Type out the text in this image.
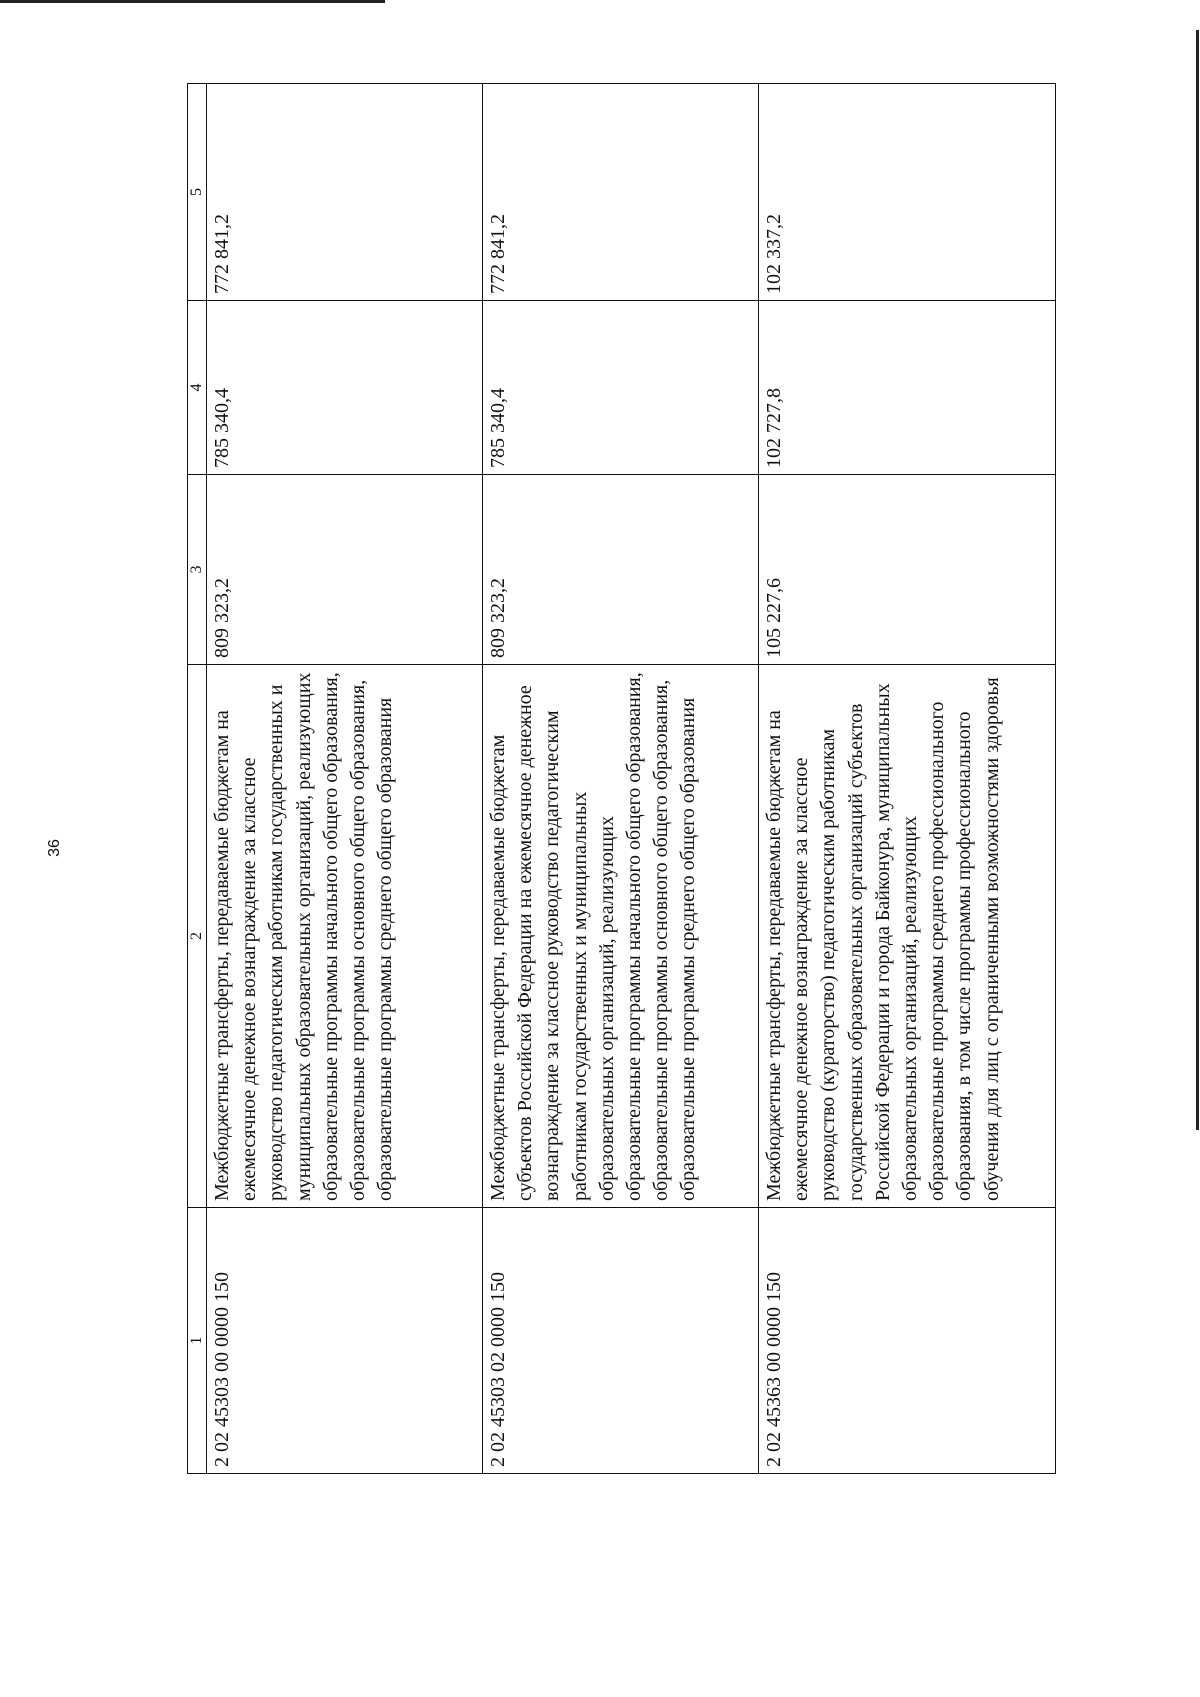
36
1	2	3	4	5
2 02 45303 00 0000 150	Межбюджетные трансферты, передаваемые бюджетам на ежемесячное денежное вознаграждение за классное руководство педагогическим работникам государственных и муниципальных образовательных организаций, реализующих образовательные программы начального общего образования, образовательные программы основного общего образования, образовательные программы среднего общего образования	809 323,2	785 340,4	772 841,2
2 02 45303 02 0000 150	Межбюджетные трансферты, передаваемые бюджетам субъектов Российской Федерации на ежемесячное денежное вознаграждение за классное руководство педагогическим работникам государственных и муниципальных образовательных организаций, реализующих образовательные программы начального общего образования, образовательные программы основного общего образования, образовательные программы среднего общего образования	809 323,2	785 340,4	772 841,2
2 02 45363 00 0000 150	Межбюджетные трансферты, передаваемые бюджетам на ежемесячное денежное вознаграждение за классное руководство (кураторство) педагогическим работникам государственных образовательных организаций субъектов Российской Федерации и города Байконура, муниципальных образовательных организаций, реализующих образовательные программы среднего профессионального образования, в том числе программы профессионального обучения для лиц с ограниченными возможностями здоровья	105 227,6	102 727,8	102 337,2
